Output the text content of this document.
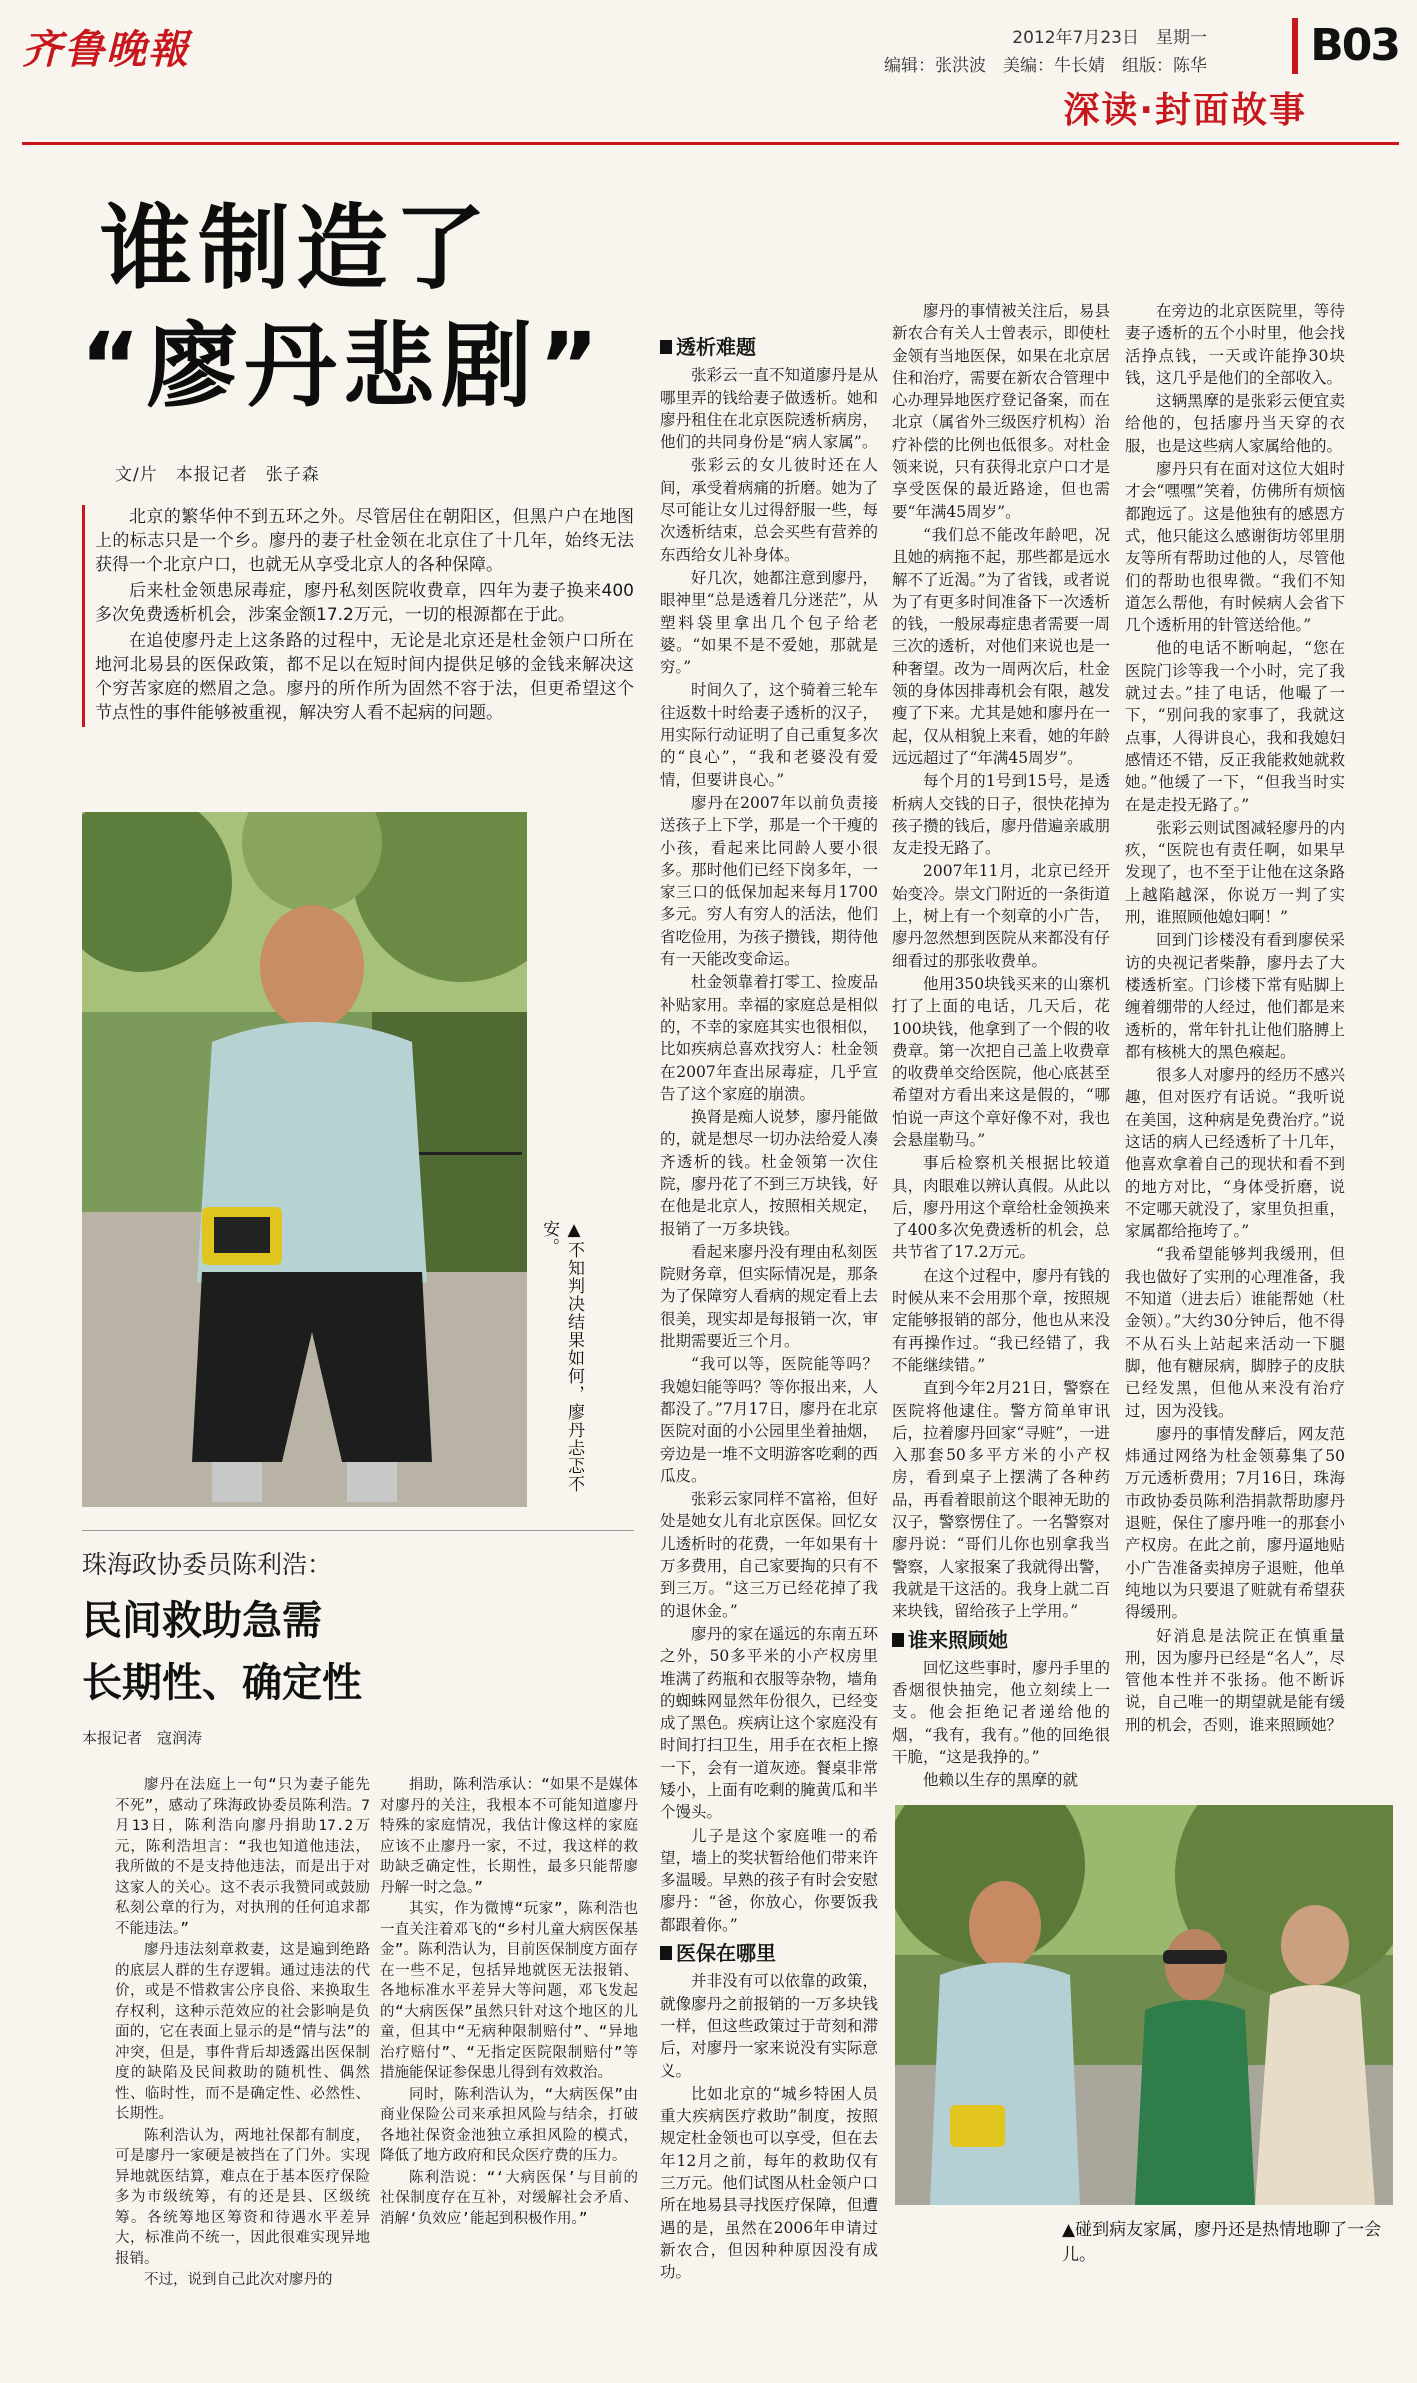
齐鲁晚報	2012年7月23日　星期一
编辑：张洪波　美编：牛长婧　组版：陈华	B03
深读·封面故事
谁制造了
“廖丹悲剧”
文/片　本报记者　张子森

北京的繁华仲不到五环之外。尽管居住在朝阳区，但黑户户在地图上的标志只是一个乡。廖丹的妻子杜金领在北京住了十几年，始终无法获得一个北京户口，也就无从享受北京人的各种保障。

后来杜金领患尿毒症，廖丹私刻医院收费章，四年为妻子换来400多次免费透析机会，涉案金额17.2万元，一切的根源都在于此。

在追使廖丹走上这条路的过程中，无论是北京还是杜金领户口所在地河北易县的医保政策，都不足以在短时间内提供足够的金钱来解决这个穷苦家庭的燃眉之急。廖丹的所作所为固然不容于法，但更希望这个节点性的事件能够被重视，解决穷人看不起病的问题。

▲不知判决结果如何，廖丹忐忑不安。
珠海政协委员陈利浩：
民间救助急需
长期性、确定性
本报记者　寇润涛

廖丹在法庭上一句“只为妻子能先不死”，感动了珠海政协委员陈利浩。7月13日，陈利浩向廖丹捐助17.2万元，陈利浩坦言：“我也知道他违法，我所做的不是支持他违法，而是出于对这家人的关心。这不表示我赞同或鼓励私刻公章的行为，对执刑的任何追求都不能违法。”

廖丹违法刻章救妻，这是遍到绝路的底层人群的生存逻辑。通过违法的代价，或是不惜救害公序良俗、来换取生存权利，这种示范效应的社会影响是负面的，它在表面上显示的是“情与法”的冲突，但是，事件背后却透露出医保制度的缺陷及民间救助的随机性、偶然性、临时性，而不是确定性、必然性、长期性。

陈利浩认为，两地社保都有制度，可是廖丹一家硬是被挡在了门外。实现异地就医结算，难点在于基本医疗保险多为市级统筹，有的还是县、区级统筹。各统筹地区筹资和待遇水平差异大，标准尚不统一，因此很难实现异地报销。

不过，说到自己此次对廖丹的

捐助，陈利浩承认：“如果不是媒体对廖丹的关注，我根本不可能知道廖丹特殊的家庭情况，我估计像这样的家庭应该不止廖丹一家，不过，我这样的救助缺乏确定性，长期性，最多只能帮廖丹解一时之急。”

其实，作为微博“玩家”，陈利浩也一直关注着邓飞的“乡村儿童大病医保基金”。陈利浩认为，目前医保制度方面存在一些不足，包括异地就医无法报销、各地标准水平差异大等问题，邓飞发起的“大病医保”虽然只针对这个地区的儿童，但其中“无病种限制赔付”、“异地治疗赔付”、“无指定医院限制赔付”等措施能保证参保患儿得到有效救治。

同时，陈利浩认为，“大病医保”由商业保险公司来承担风险与结余，打破各地社保资金池独立承担风险的模式，降低了地方政府和民众医疗费的压力。

陈利浩说：“‘大病医保’与目前的社保制度存在互补，对缓解社会矛盾、消解‘负效应’能起到积极作用。”

透析难题

张彩云一直不知道廖丹是从哪里弄的钱给妻子做透析。她和廖丹租住在北京医院透析病房，他们的共同身份是“病人家属”。

张彩云的女儿彼时还在人间，承受着病痛的折磨。她为了尽可能让女儿过得舒服一些，每次透析结束，总会买些有营养的东西给女儿补身体。

好几次，她都注意到廖丹，眼神里“总是透着几分迷茫”，从塑料袋里拿出几个包子给老婆。“如果不是不爱她，那就是穷。”

时间久了，这个骑着三轮车往返数十时给妻子透析的汉子，用实际行动证明了自己重复多次的“良心”，“我和老婆没有爱情，但要讲良心。”

廖丹在2007年以前负责接送孩子上下学，那是一个干瘦的小孩，看起来比同龄人要小很多。那时他们已经下岗多年，一家三口的低保加起来每月1700多元。穷人有穷人的活法，他们省吃俭用，为孩子攒钱，期待他有一天能改变命运。

杜金领靠着打零工、捡废品补贴家用。幸福的家庭总是相似的，不幸的家庭其实也很相似，比如疾病总喜欢找穷人：杜金领在2007年查出尿毒症，几乎宣告了这个家庭的崩溃。

换肾是痴人说梦，廖丹能做的，就是想尽一切办法给爱人凑齐透析的钱。杜金领第一次住院，廖丹花了不到三万块钱，好在他是北京人，按照相关规定，报销了一万多块钱。

看起来廖丹没有理由私刻医院财务章，但实际情况是，那条为了保障穷人看病的规定看上去很美，现实却是每报销一次，审批期需要近三个月。

“我可以等，医院能等吗？我媳妇能等吗？等你报出来，人都没了。”7月17日，廖丹在北京医院对面的小公园里坐着抽烟，旁边是一堆不文明游客吃剩的西瓜皮。

张彩云家同样不富裕，但好处是她女儿有北京医保。回忆女儿透析时的花费，一年如果有十万多费用，自己家要掏的只有不到三万。“这三万已经花掉了我的退休金。”

廖丹的家在遥远的东南五环之外，50多平米的小产权房里堆满了药瓶和衣服等杂物，墙角的蜘蛛网显然年份很久，已经变成了黑色。疾病让这个家庭没有时间打扫卫生，用手在衣柜上擦一下，会有一道灰迹。餐桌非常矮小，上面有吃剩的腌黄瓜和半个馒头。

儿子是这个家庭唯一的希望，墙上的奖状暂给他们带来许多温暖。早熟的孩子有时会安慰廖丹：“爸，你放心，你要饭我都跟着你。”

医保在哪里

并非没有可以依靠的政策，就像廖丹之前报销的一万多块钱一样，但这些政策过于苛刻和滞后，对廖丹一家来说没有实际意义。

比如北京的“城乡特困人员重大疾病医疗救助”制度，按照规定杜金领也可以享受，但在去年12月之前，每年的救助仅有三万元。他们试图从杜金领户口所在地易县寻找医疗保障，但遭遇的是，虽然在2006年申请过新农合，但因种种原因没有成功。

廖丹的事情被关注后，易县新农合有关人士曾表示，即使杜金领有当地医保，如果在北京居住和治疗，需要在新农合管理中心办理异地医疗登记备案，而在北京（属省外三级医疗机构）治疗补偿的比例也低很多。对杜金领来说，只有获得北京户口才是享受医保的最近路途，但也需要“年满45周岁”。

“我们总不能改年龄吧，况且她的病拖不起，那些都是远水解不了近渴。”为了省钱，或者说为了有更多时间准备下一次透析的钱，一般尿毒症患者需要一周三次的透析，对他们来说也是一种奢望。改为一周两次后，杜金领的身体因排毒机会有限，越发瘦了下来。尤其是她和廖丹在一起，仅从相貌上来看，她的年龄远远超过了“年满45周岁”。

每个月的1号到15号，是透析病人交钱的日子，很快花掉为孩子攒的钱后，廖丹借遍亲戚朋友走投无路了。

2007年11月，北京已经开始变冷。崇文门附近的一条街道上，树上有一个刻章的小广告，廖丹忽然想到医院从来都没有仔细看过的那张收费单。

他用350块钱买来的山寨机打了上面的电话，几天后，花100块钱，他拿到了一个假的收费章。第一次把自己盖上收费章的收费单交给医院，他心底甚至希望对方看出来这是假的，“哪怕说一声这个章好像不对，我也会悬崖勒马。”

事后检察机关根据比较道具，肉眼难以辨认真假。从此以后，廖丹用这个章给杜金领换来了400多次免费透析的机会，总共节省了17.2万元。

在这个过程中，廖丹有钱的时候从来不会用那个章，按照规定能够报销的部分，他也从来没有再操作过。“我已经错了，我不能继续错。”

直到今年2月21日，警察在医院将他逮住。警方简单审讯后，拉着廖丹回家“寻赃”，一进入那套50多平方米的小产权房，看到桌子上摆满了各种药品，再看着眼前这个眼神无助的汉子，警察愣住了。一名警察对廖丹说：“哥们儿你也别拿我当警察，人家报案了我就得出警，我就是干这活的。我身上就二百来块钱，留给孩子上学用。”

谁来照顾她

回忆这些事时，廖丹手里的香烟很快抽完，他立刻续上一支。他会拒绝记者递给他的烟，“我有，我有。”他的回绝很干脆，“这是我挣的。”

他赖以生存的黑摩的就

在旁边的北京医院里，等待妻子透析的五个小时里，他会找活挣点钱，一天或许能挣30块钱，这几乎是他们的全部收入。

这辆黑摩的是张彩云便宜卖给他的，包括廖丹当天穿的衣服，也是这些病人家属给他的。

廖丹只有在面对这位大姐时才会“嘿嘿”笑着，仿佛所有烦恼都跑远了。这是他独有的感恩方式，他只能这么感谢街坊邻里朋友等所有帮助过他的人，尽管他们的帮助也很卑微。“我们不知道怎么帮他，有时候病人会省下几个透析用的针管送给他。”

他的电话不断响起，“您在医院门诊等我一个小时，完了我就过去。”挂了电话，他嘬了一下，“别问我的家事了，我就这点事，人得讲良心，我和我媳妇感情还不错，反正我能救她就救她。”他缓了一下，“但我当时实在是走投无路了。”

张彩云则试图减轻廖丹的内疚，“医院也有责任啊，如果早发现了，也不至于让他在这条路上越陷越深，你说万一判了实刑，谁照顾他媳妇啊！”

回到门诊楼没有看到廖侯采访的央视记者柴静，廖丹去了大楼透析室。门诊楼下常有贴脚上缠着绷带的人经过，他们都是来透析的，常年针扎让他们胳膊上都有核桃大的黑色瘊起。

很多人对廖丹的经历不感兴趣，但对医疗有话说。“我听说在美国，这种病是免费治疗。”说这话的病人已经透析了十几年，他喜欢拿着自己的现状和看不到的地方对比，“身体受折磨，说不定哪天就没了，家里负担重，家属都给拖垮了。”

“我希望能够判我缓刑，但我也做好了实刑的心理准备，我不知道（进去后）谁能帮她（杜金领）。”大约30分钟后，他不得不从石头上站起来活动一下腿脚，他有糖尿病，脚脖子的皮肤已经发黑，但他从来没有治疗过，因为没钱。

廖丹的事情发酵后，网友范炜通过网络为杜金领募集了50万元透析费用；7月16日，珠海市政协委员陈利浩捐款帮助廖丹退赃，保住了廖丹唯一的那套小产权房。在此之前，廖丹逼地贴小广告准备卖掉房子退赃，他单纯地以为只要退了赃就有希望获得缓刑。

好消息是法院正在慎重量刑，因为廖丹已经是“名人”，尽管他本性并不张扬。他不断诉说，自己唯一的期望就是能有缓刑的机会，否则，谁来照顾她？

▲碰到病友家属，廖丹还是热情地聊了一会儿。
